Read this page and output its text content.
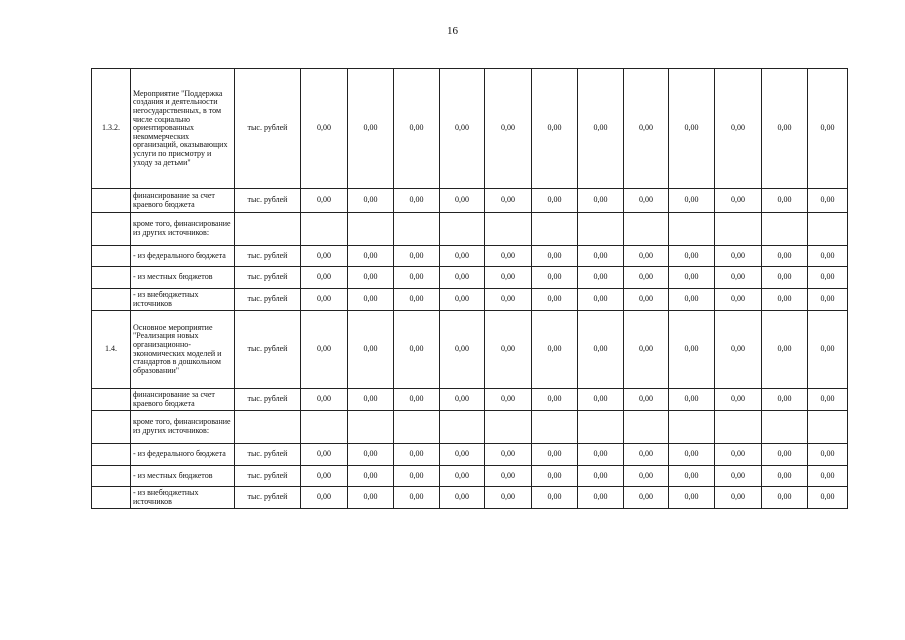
16
1.3.2.	Мероприятие "Поддержка создания и деятельности негосударственных, в том числе социально ориентированных некоммерческих организаций, оказывающих услуги по присмотру и уходу за детьми"	тыс. рублей	0,00	0,00	0,00	0,00	0,00	0,00	0,00	0,00	0,00	0,00	0,00	0,00
	финансирование за счет краевого бюджета	тыс. рублей	0,00	0,00	0,00	0,00	0,00	0,00	0,00	0,00	0,00	0,00	0,00	0,00
	кроме того, финансирование из других источников:													
	- из федерального бюджета	тыс. рублей	0,00	0,00	0,00	0,00	0,00	0,00	0,00	0,00	0,00	0,00	0,00	0,00
	- из местных бюджетов	тыс. рублей	0,00	0,00	0,00	0,00	0,00	0,00	0,00	0,00	0,00	0,00	0,00	0,00
	- из внебюджетных источников	тыс. рублей	0,00	0,00	0,00	0,00	0,00	0,00	0,00	0,00	0,00	0,00	0,00	0,00
1.4.	Основное мероприятие "Реализация новых организационно-экономических моделей и стандартов в дошкольном образовании"	тыс. рублей	0,00	0,00	0,00	0,00	0,00	0,00	0,00	0,00	0,00	0,00	0,00	0,00
	финансирование за счет краевого бюджета	тыс. рублей	0,00	0,00	0,00	0,00	0,00	0,00	0,00	0,00	0,00	0,00	0,00	0,00
	кроме того, финансирование из других источников:													
	- из федерального бюджета	тыс. рублей	0,00	0,00	0,00	0,00	0,00	0,00	0,00	0,00	0,00	0,00	0,00	0,00
	- из местных бюджетов	тыс. рублей	0,00	0,00	0,00	0,00	0,00	0,00	0,00	0,00	0,00	0,00	0,00	0,00
	- из внебюджетных источников	тыс. рублей	0,00	0,00	0,00	0,00	0,00	0,00	0,00	0,00	0,00	0,00	0,00	0,00
